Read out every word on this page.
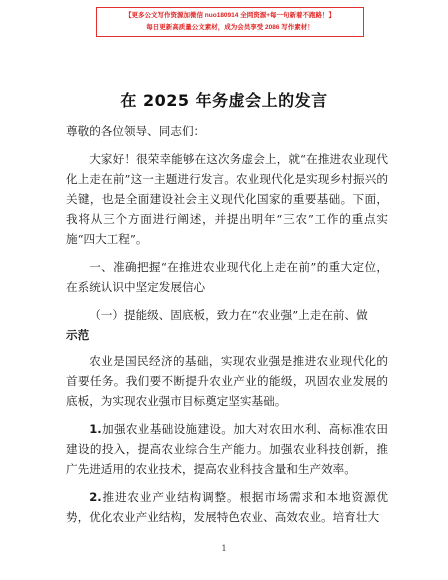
【更多公文写作资源加微信 nuo180914 全网资源+每一句新着不跑路！】
每日更新高质量公文素材，成为会员享受 2086 写作素材！
在 2025 年务虚会上的发言

尊敬的各位领导、同志们：

大家好！很荣幸能够在这次务虚会上，就“在推进农业现代化上走在前”这一主题进行发言。农业现代化是实现乡村振兴的关键，也是全面建设社会主义现代化国家的重要基础。下面，我将从三个方面进行阐述，并提出明年“三农”工作的重点实施“四大工程”。

一、准确把握“在推进农业现代化上走在前”的重大定位，在系统认识中坚定发展信心

（一）提能级、固底板，致力在“农业强”上走在前、做
示范

农业是国民经济的基础，实现农业强是推进农业现代化的首要任务。我们要不断提升农业产业的能级，巩固农业发展的底板，为实现农业强市目标奠定坚实基础。

1.加强农业基础设施建设。加大对农田水利、高标准农田建设的投入，提高农业综合生产能力。加强农业科技创新，推广先进适用的农业技术，提高农业科技含量和生产效率。

2.推进农业产业结构调整。根据市场需求和本地资源优势，优化农业产业结构，发展特色农业、高效农业。培育壮大

1
